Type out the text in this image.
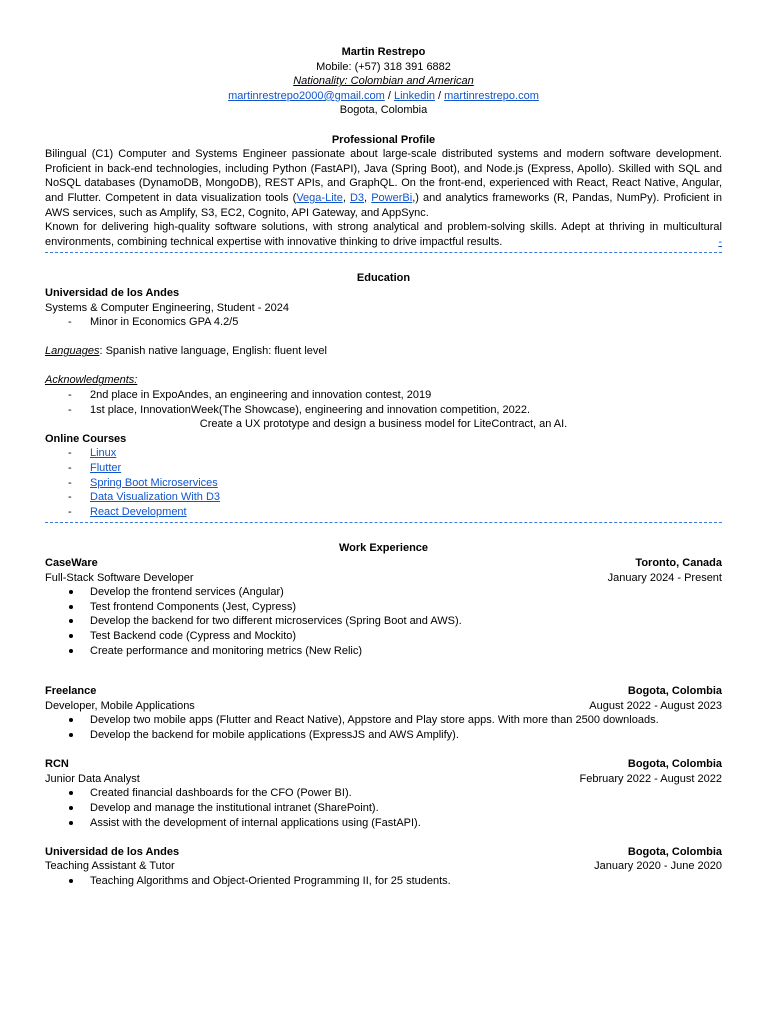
Martin Restrepo
Mobile: (+57) 318 391 6882
Nationality: Colombian and American
martinrestrepo2000@gmail.com / Linkedin / martinrestrepo.com
Bogota, Colombia
Professional Profile
Bilingual (C1) Computer and Systems Engineer passionate about large-scale distributed systems and modern software development.
Proficient in back-end technologies, including Python (FastAPI), Java (Spring Boot), and Node.js (Express, Apollo). Skilled with SQL and
NoSQL databases (DynamoDB, MongoDB), REST APIs, and GraphQL. On the front-end, experienced with React, React Native, Angular,
and Flutter. Competent in data visualization tools (Vega-Lite, D3, PowerBi,) and analytics frameworks (R, Pandas, NumPy). Proficient in
AWS services, such as Amplify, S3, EC2, Cognito, API Gateway, and AppSync.
Known for delivering high-quality software solutions, with strong analytical and problem-solving skills. Adept at thriving in multicultural
environments, combining technical expertise with innovative thinking to drive impactful results.	-
Education
Universidad de los Andes
Systems & Computer Engineering, Student - 2024
- Minor in Economics GPA 4.2/5
Languages: Spanish native language, English: fluent level
Acknowledgments:
- 2nd place in ExpoAndes, an engineering and innovation contest, 2019
- 1st place, InnovationWeek(The Showcase), engineering and innovation competition, 2022.
Create a UX prototype and design a business model for LiteContract, an AI.
Online Courses
- Linux
- Flutter
- Spring Boot Microservices
- Data Visualization With D3
- React Development
Work Experience
CaseWare	Toronto, Canada
Full-Stack Software Developer	January 2024 - Present
Develop the frontend services (Angular)
Test frontend Components (Jest, Cypress)
Develop the backend for two different microservices (Spring Boot and AWS).
Test Backend code (Cypress and Mockito)
Create performance and monitoring metrics (New Relic)
Freelance	Bogota, Colombia
Developer, Mobile Applications	August 2022 - August 2023
Develop two mobile apps (Flutter and React Native), Appstore and Play store apps. With more than 2500 downloads.
Develop the backend for mobile applications (ExpressJS and AWS Amplify).
RCN	Bogota, Colombia
Junior Data Analyst	February 2022 - August 2022
Created financial dashboards for the CFO (Power BI).
Develop and manage the institutional intranet (SharePoint).
Assist with the development of internal applications using (FastAPI).
Universidad de los Andes	Bogota, Colombia
Teaching Assistant & Tutor	January 2020 - June 2020
Teaching Algorithms and Object-Oriented Programming II, for 25 students.
